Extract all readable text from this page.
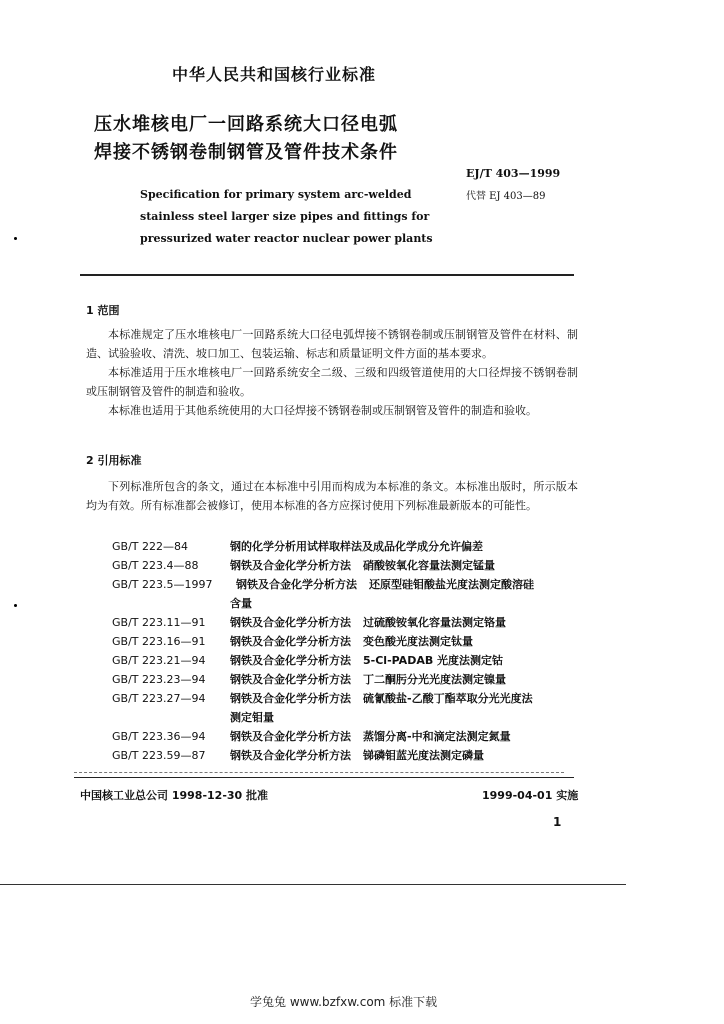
中华人民共和国核行业标准
压水堆核电厂一回路系统大口径电弧
焊接不锈钢卷制钢管及管件技术条件
EJ/T 403—1999
代替 EJ 403—89
Specification for primary system arc-welded
stainless steel larger size pipes and fittings for
pressurized water reactor nuclear power plants
1 范围

本标准规定了压水堆核电厂一回路系统大口径电弧焊接不锈钢卷制或压制钢管及管件在材料、制造、试验验收、清洗、坡口加工、包装运输、标志和质量证明文件方面的基本要求。

本标准适用于压水堆核电厂一回路系统安全二级、三级和四级管道使用的大口径焊接不锈钢卷制或压制钢管及管件的制造和验收。

本标准也适用于其他系统使用的大口径焊接不锈钢卷制或压制钢管及管件的制造和验收。

2 引用标准

下列标准所包含的条文，通过在本标准中引用而构成为本标准的条文。本标准出版时，所示版本均为有效。所有标准都会被修订，使用本标准的各方应探讨使用下列标准最新版本的可能性。

GB/T 222—84	钢的化学分析用试样取样法及成品化学成分允许偏差
GB/T 223.4—88	钢铁及合金化学分析方法 硝酸铵氧化容量法测定锰量
GB/T 223.5—1997	钢铁及合金化学分析方法 还原型硅钼酸盐光度法测定酸溶硅
含量
GB/T 223.11—91	钢铁及合金化学分析方法 过硫酸铵氧化容量法测定铬量
GB/T 223.16—91	钢铁及合金化学分析方法 变色酸光度法测定钛量
GB/T 223.21—94	钢铁及合金化学分析方法 5-Cl-PADAB 光度法测定钴
GB/T 223.23—94	钢铁及合金化学分析方法 丁二酮肟分光光度法测定镍量
GB/T 223.27—94	钢铁及合金化学分析方法 硫氰酸盐-乙酸丁酯萃取分光光度法
测定钼量
GB/T 223.36—94	钢铁及合金化学分析方法 蒸馏分离-中和滴定法测定氮量
GB/T 223.59—87	钢铁及合金化学分析方法 锑磷钼蓝光度法测定磷量
中国核工业总公司 1998-12-30 批准	1999-04-01 实施
1
学兔兔 www.bzfxw.com 标准下载
